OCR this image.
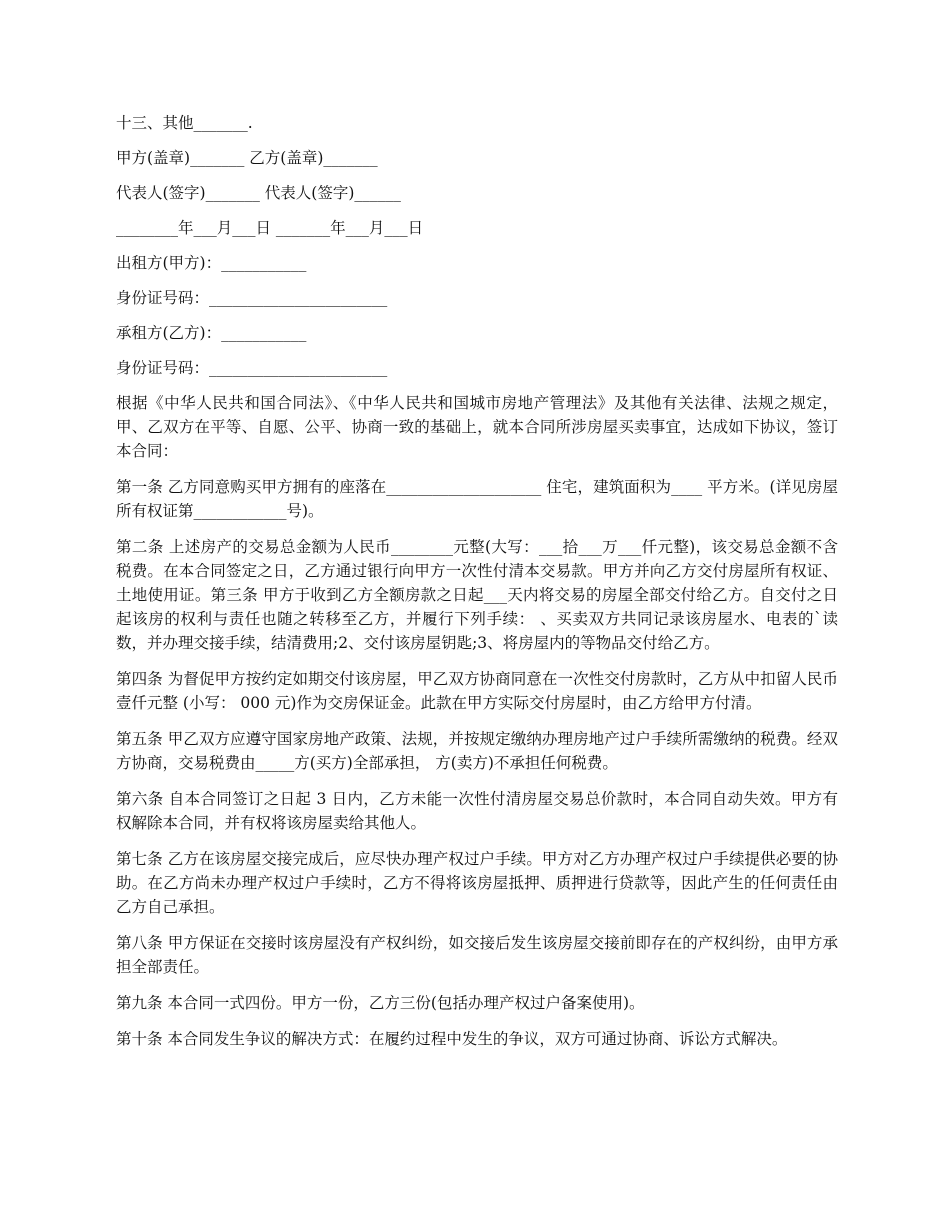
十三、其他_______.

甲方(盖章)_______ 乙方(盖章)_______

代表人(签字)_______ 代表人(签字)______

________年___月___日 _______年___月___日

出租方(甲方)：___________

身份证号码：_______________________

承租方(乙方)：___________

身份证号码：_______________________

根据《中华人民共和国合同法》、《中华人民共和国城市房地产管理法》及其他有关法律、法规之规定，甲、乙双方在平等、自愿、公平、协商一致的基础上，就本合同所涉房屋买卖事宜，达成如下协议，签订本合同：

第一条 乙方同意购买甲方拥有的座落在____________________ 住宅，建筑面积为____ 平方米。(详见房屋所有权证第____________号)。

第二条 上述房产的交易总金额为人民币________元整(大写：___拾___万___仟元整)，该交易总金额不含税费。在本合同签定之日，乙方通过银行向甲方一次性付清本交易款。甲方并向乙方交付房屋所有权证、土地使用证。第三条 甲方于收到乙方全额房款之日起___天内将交易的房屋全部交付给乙方。自交付之日起该房的权利与责任也随之转移至乙方，并履行下列手续： 、买卖双方共同记录该房屋水、电表的`读数，并办理交接手续，结清费用;2、交付该房屋钥匙;3、将房屋内的等物品交付给乙方。

第四条 为督促甲方按约定如期交付该房屋，甲乙双方协商同意在一次性交付房款时，乙方从中扣留人民币壹仟元整 (小写： 000 元)作为交房保证金。此款在甲方实际交付房屋时，由乙方给甲方付清。

第五条 甲乙双方应遵守国家房地产政策、法规，并按规定缴纳办理房地产过户手续所需缴纳的税费。经双方协商，交易税费由_____方(买方)全部承担， 方(卖方)不承担任何税费。

第六条 自本合同签订之日起 3 日内，乙方未能一次性付清房屋交易总价款时，本合同自动失效。甲方有权解除本合同，并有权将该房屋卖给其他人。

第七条 乙方在该房屋交接完成后，应尽快办理产权过户手续。甲方对乙方办理产权过户手续提供必要的协助。在乙方尚未办理产权过户手续时，乙方不得将该房屋抵押、质押进行贷款等，因此产生的任何责任由乙方自己承担。

第八条 甲方保证在交接时该房屋没有产权纠纷，如交接后发生该房屋交接前即存在的产权纠纷，由甲方承担全部责任。

第九条 本合同一式四份。甲方一份，乙方三份(包括办理产权过户备案使用)。

第十条 本合同发生争议的解决方式：在履约过程中发生的争议，双方可通过协商、诉讼方式解决。
